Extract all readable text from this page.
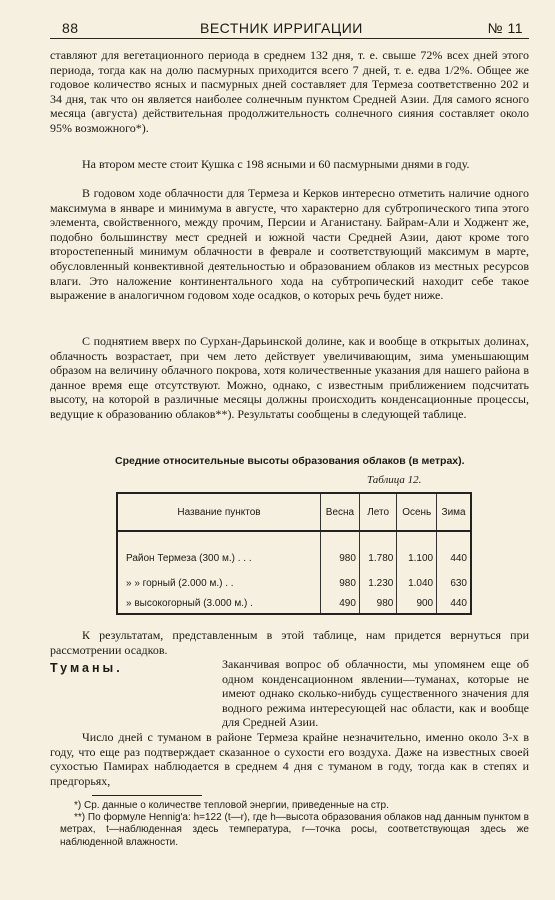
88	ВЕСТНИК ИРРИГАЦИИ	№ 11

ставляют для вегетационного периода в среднем 132 дня, т. е. свыше 72% всех дней этого периода, тогда как на долю пасмурных приходится всего 7 дней, т. е. едва 1/2%. Общее же годовое количество ясных и пасмурных дней составляет для Термеза соответственно 202 и 34 дня, так что он является наиболее солнечным пунктом Средней Азии. Для самого ясного месяца (августа) действительная продолжительность солнечного сияния составляет около 95% возможного*).

На втором месте стоит Кушка с 198 ясными и 60 пасмурными днями в году.

В годовом ходе облачности для Термеза и Керков интересно отметить наличие одного максимума в январе и минимума в августе, что характерно для субтропического типа этого элемента, свойственного, между прочим, Персии и Аганистану. Байрам-Али и Ходжент же, подобно большинству мест средней и южной части Средней Азии, дают кроме того второстепенный минимум облачности в феврале и соответствующий максимум в марте, обусловленный конвективной деятельностью и образованием облаков из местных ресурсов влаги. Это наложение континентального хода на субтропический находит себе такое выражение в аналогичном годовом ходе осадков, о которых речь будет ниже.

С поднятием вверх по Сурхан-Дарьинской долине, как и вообще в открытых долинах, облачность возрастает, при чем лето действует увеличивающим, зима уменьшающим образом на величину облачного покрова, хотя количественные указания для нашего района в данное время еще отсутствуют. Можно, однако, с известным приближением подсчитать высоту, на которой в различные месяцы должны происходить конденсационные процессы, ведущие к образованию облаков**). Результаты сообщены в следующей таблице.

Средние относительные высоты образования облаков (в метрах).
Таблица 12.
Название пунктов	Весна	Лето	Осень	Зима
Район Термеза (300 м.) . . .	980	1.780	1.100	440
» » горный (2.000 м.) . .	980	1.230	1.040	630
» высокогорный (3.000 м.) .	490	980	900	440

К результатам, представленным в этой таблице, нам придется вернуться при рассмотрении осадков.

Туманы.	Заканчивая вопрос об облачности, мы упомянем еще об одном конденсационном явлении—туманах, которые не имеют однако сколько-нибудь существенного значения для водного режима интересующей нас области, как и вообще для Средней Азии.

Число дней с туманом в районе Термеза крайне незначительно, именно около 3-х в году, что еще раз подтверждает сказанное о сухости его воздуха. Даже на известных своей сухостью Памирах наблюдается в среднем 4 дня с туманом в году, тогда как в степях и предгорьях,

*) Ср. данные о количестве тепловой энергии, приведенные на стр.

**) По формуле Hennig'a: h=122 (t—r), где h—высота образования облаков над данным пунктом в метрах, t—наблюденная здесь температура, r—точка росы, соответствующая здесь же наблюденной влажности.
